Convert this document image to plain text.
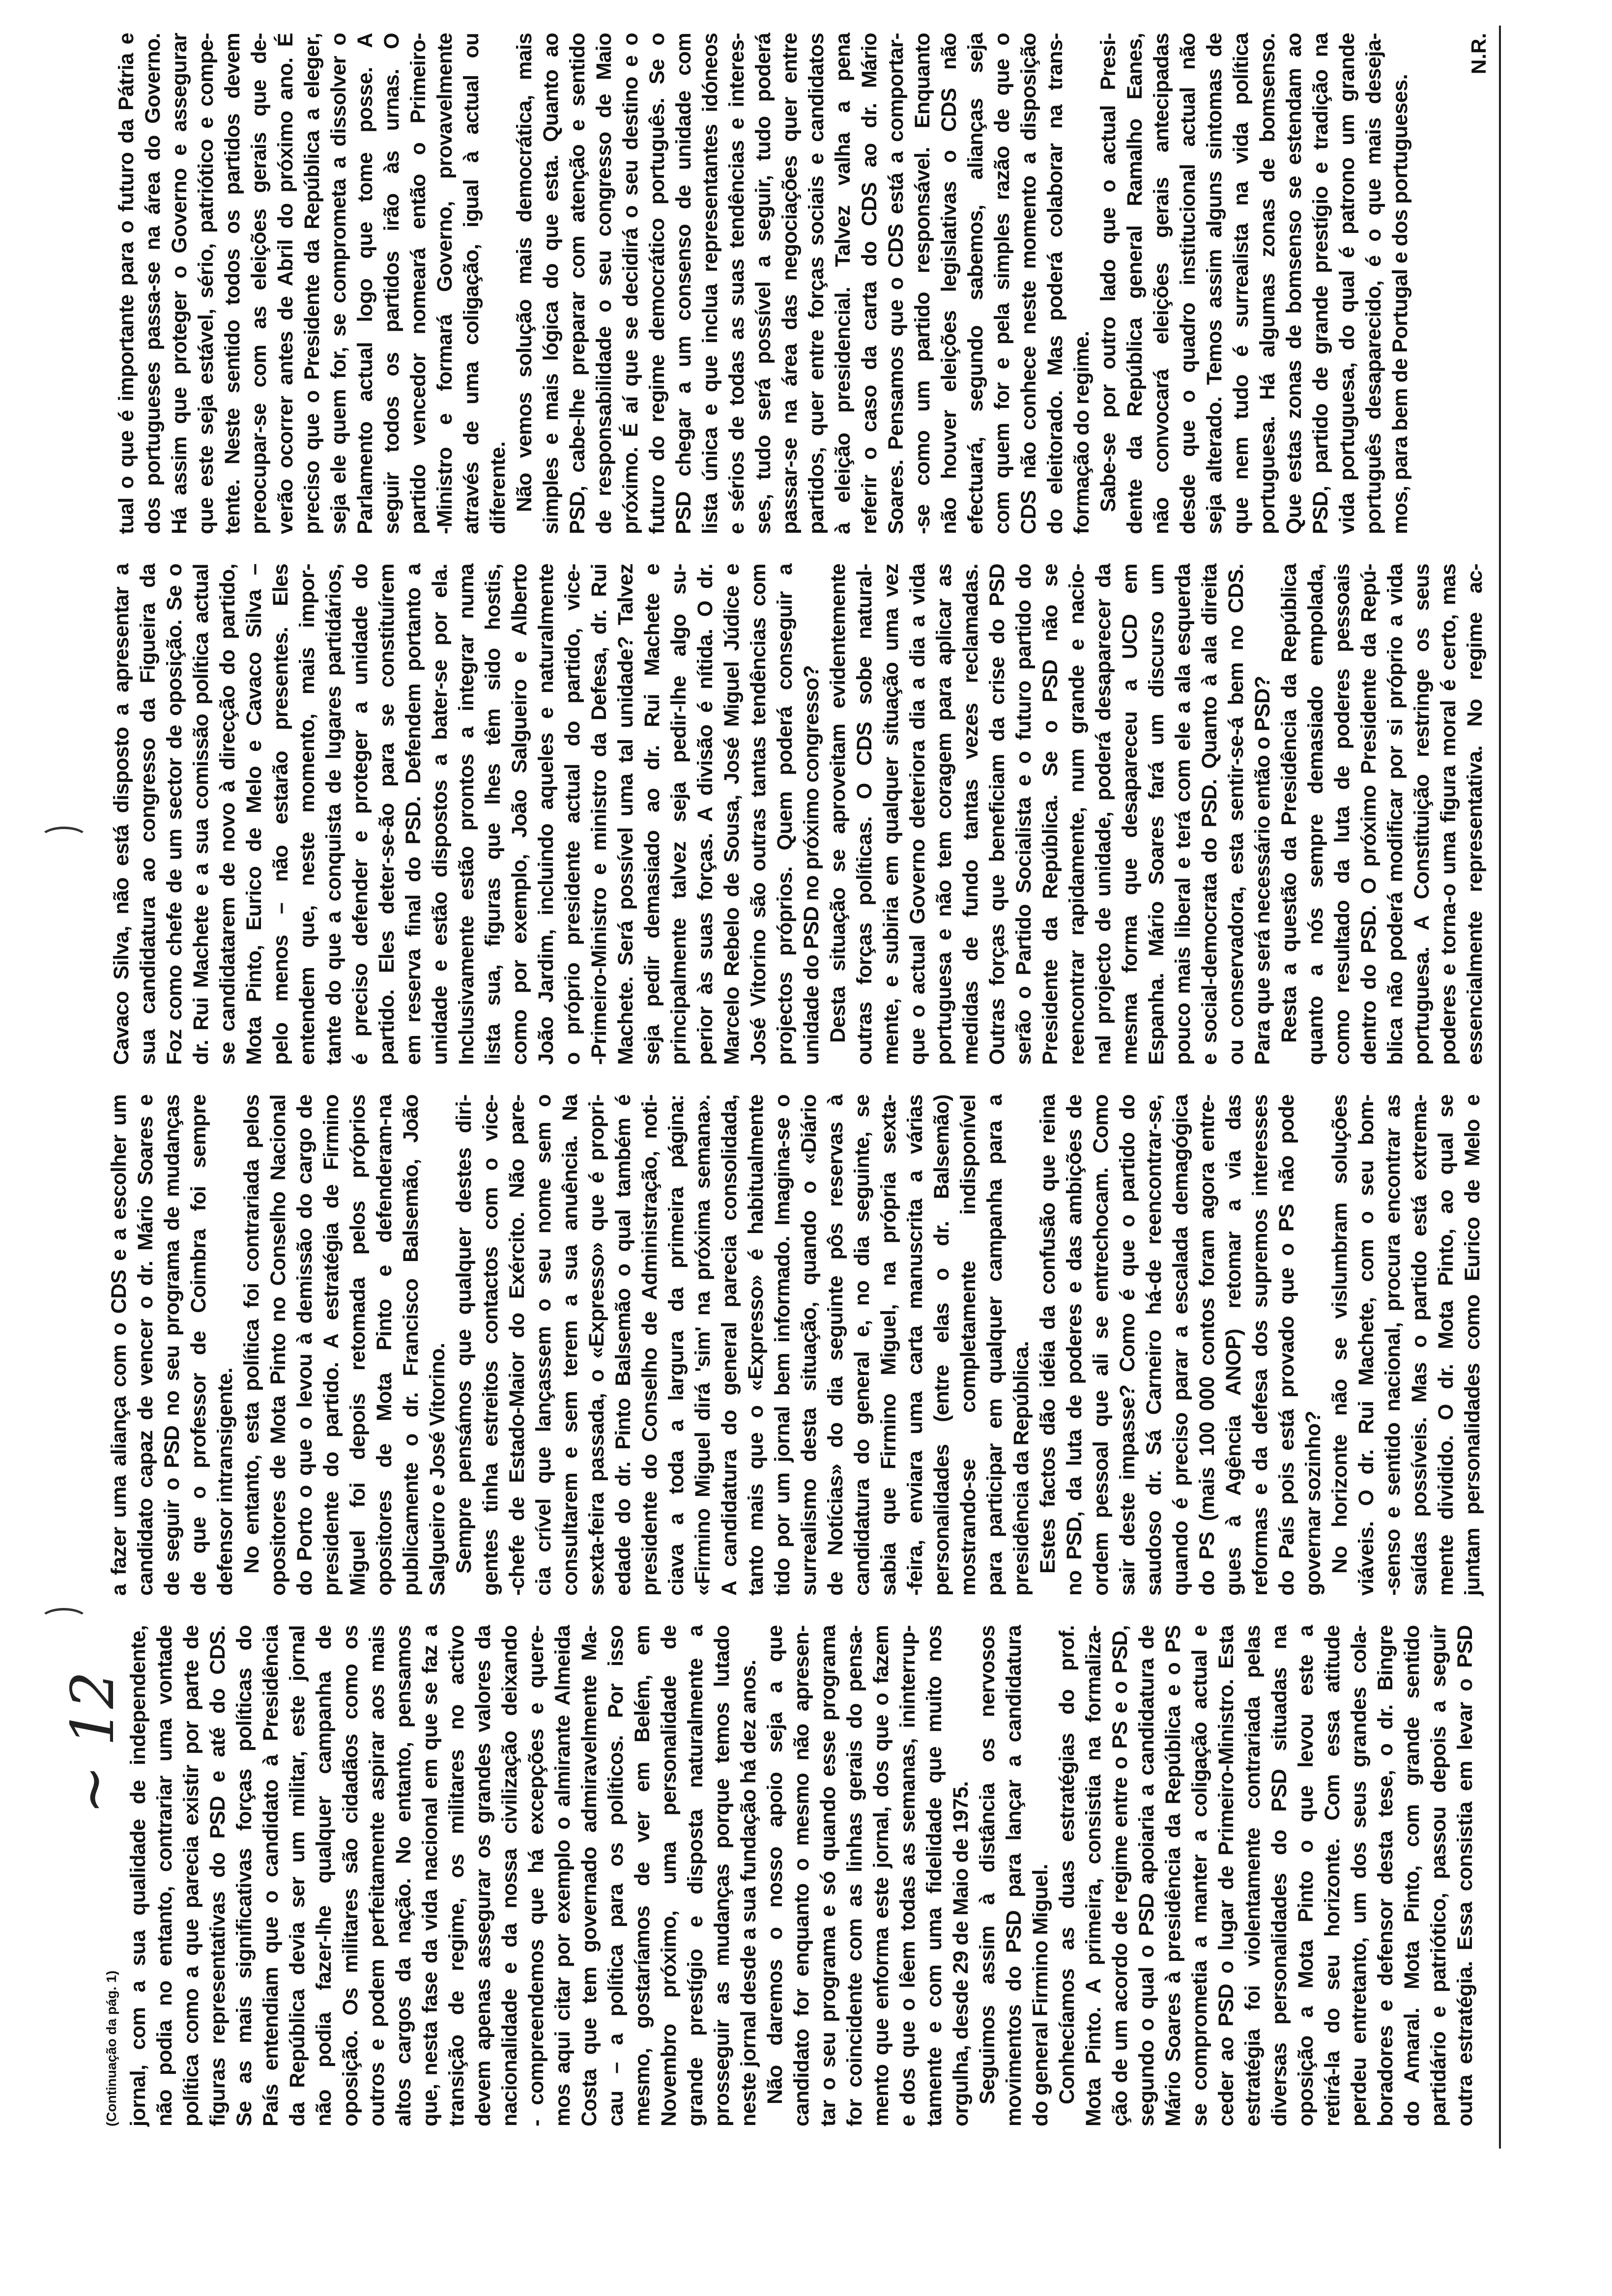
~ 12
(Continuação da pág. 1) jornal, com a sua qualidade de independente, não podia no entanto, contrariar uma vontade política como a que parecia existir por parte de figuras representativas do PSD e até do CDS. Se as mais significativas forças políticas do País entendiam que o candidato à Presidência da República devia ser um militar, este jornal não podia fazer-lhe qualquer campanha de oposição. Os militares são cidadãos como os outros e podem perfeitamente aspirar aos mais altos cargos da nação. No entanto, pensamos que, nesta fase da vida nacional em que se faz a transição de regime, os militares no activo devem apenas assegurar os grandes valores da nacionalidade e da nossa civilização deixando - compreendemos que há excepções e quere- mos aqui citar por exemplo o almirante Almeida Costa que tem governado admiravelmente Ma- cau – a política para os políticos. Por isso mesmo, gostaríamos de ver em Belém, em Novembro próximo, uma personalidade de grande prestígio e disposta naturalmente a prosseguir as mudanças porque temos lutado neste jornal desde a sua fundação há dez anos. Não daremos o nosso apoio seja a que candidato for enquanto o mesmo não apresen- tar o seu programa e só quando esse programa for coincidente com as linhas gerais do pensa- mento que enforma este jornal, dos que o fazem e dos que o lêem todas as semanas, ininterrup- tamente e com uma fidelidade que muito nos orgulha, desde 29 de Maio de 1975. Seguimos assim à distância os nervosos movimentos do PSD para lançar a candidatura do general Firmino Miguel. Conhecíamos as duas estratégias do prof. Mota Pinto. A primeira, consistia na formaliza- ção de um acordo de regime entre o PS e o PSD, segundo o qual o PSD apoiaria a candidatura de Mário Soares à presidência da República e o PS se comprometia a manter a coligação actual e ceder ao PSD o lugar de Primeiro-Ministro. Esta estratégia foi violentamente contrariada pelas diversas personalidades do PSD situadas na oposição a Mota Pinto o que levou este a retirá-la do seu horizonte. Com essa atitude perdeu entretanto, um dos seus grandes cola- boradores e defensor desta tese, o dr. Bingre do Amaral. Mota Pinto, com grande sentido partidário e patriótico, passou depois a seguir outra estratégia. Essa consistia em levar o PSD
a fazer uma aliança com o CDS e a escolher um candidato capaz de vencer o dr. Mário Soares e de seguir o PSD no seu programa de mudanças de que o professor de Coimbra foi sempre defensor intransigente. No entanto, esta política foi contrariada pelos opositores de Mota Pinto no Conselho Nacional do Porto o que o levou à demissão do cargo de presidente do partido. A estratégia de Firmino Miguel foi depois retomada pelos próprios opositores de Mota Pinto e defenderam-na publicamente o dr. Francisco Balsemão, João Salgueiro e José Vitorino. Sempre pensámos que qualquer destes diri- gentes tinha estreitos contactos com o vice- -chefe de Estado-Maior do Exército. Não pare- cia crível que lançassem o seu nome sem o consultarem e sem terem a sua anuência. Na sexta-feira passada, o «Expresso» que é propri- edade do dr. Pinto Balsemão o qual também é presidente do Conselho de Administração, noti- ciava a toda a largura da primeira página: «Firmino Miguel dirá 'sim' na próxima semana». A candidatura do general parecia consolidada, tanto mais que o «Expresso» é habitualmente tido por um jornal bem informado. Imagina-se o surrealismo desta situação, quando o «Diário de Notícias» do dia seguinte pôs reservas à candidatura do general e, no dia seguinte, se sabia que Firmino Miguel, na própria sexta- -feira, enviara uma carta manuscrita a várias personalidades (entre elas o dr. Balsemão) mostrando-se completamente indisponível para participar em qualquer campanha para a presidência da República. Estes factos dão idéia da confusão que reina no PSD, da luta de poderes e das ambições de ordem pessoal que ali se entrechocam. Como sair deste impasse? Como é que o partido do saudoso dr. Sá Carneiro há-de reencontrar-se, quando é preciso parar a escalada demagógica do PS (mais 100 000 contos foram agora entre- gues à Agência ANOP) retomar a via das reformas e da defesa dos supremos interesses do País pois está provado que o PS não pode governar sozinho? No horizonte não se vislumbram soluções viáveis. O dr. Rui Machete, com o seu bom- -senso e sentido nacional, procura encontrar as saídas possíveis. Mas o partido está extrema- mente dividido. O dr. Mota Pinto, ao qual se juntam personalidades como Eurico de Melo e
Cavaco Silva, não está disposto a apresentar a sua candidatura ao congresso da Figueira da Foz como chefe de um sector de oposição. Se o dr. Rui Machete e a sua comissão política actual se candidatarem de novo à direcção do partido, Mota Pinto, Eurico de Melo e Cavaco Silva – pelo menos – não estarão presentes. Eles entendem que, neste momento, mais impor- tante do que a conquista de lugares partidários, é preciso defender e proteger a unidade do partido. Eles deter-se-ão para se constituírem em reserva final do PSD. Defendem portanto a unidade e estão dispostos a bater-se por ela. Inclusivamente estão prontos a integrar numa lista sua, figuras que lhes têm sido hostis, como por exemplo, João Salgueiro e Alberto João Jardim, incluindo aqueles e naturalmente o próprio presidente actual do partido, vice- -Primeiro-Ministro e ministro da Defesa, dr. Rui Machete. Será possível uma tal unidade? Talvez seja pedir demasiado ao dr. Rui Machete e principalmente talvez seja pedir-lhe algo su- perior às suas forças. A divisão é nítida. O dr. Marcelo Rebelo de Sousa, José Miguel Júdice e José Vitorino são outras tantas tendências com projectos próprios. Quem poderá conseguir a unidade do PSD no próximo congresso? Desta situação se aproveitam evidentemente outras forças políticas. O CDS sobe natural- mente, e subiria em qualquer situação uma vez que o actual Governo deteriora dia a dia a vida portuguesa e não tem coragem para aplicar as medidas de fundo tantas vezes reclamadas. Outras forças que beneficiam da crise do PSD serão o Partido Socialista e o futuro partido do Presidente da República. Se o PSD não se reencontrar rapidamente, num grande e nacio- nal projecto de unidade, poderá desaparecer da mesma forma que desapareceu a UCD em Espanha. Mário Soares fará um discurso um pouco mais liberal e terá com ele a ala esquerda e social-democrata do PSD. Quanto à ala direita ou conservadora, esta sentir-se-á bem no CDS. Para que será necessário então o PSD? Resta a questão da Presidência da República quanto a nós sempre demasiado empolada, como resultado da luta de poderes pessoais dentro do PSD. O próximo Presidente da Repú- blica não poderá modificar por si próprio a vida portuguesa. A Constituição restringe os seus poderes e torna-o uma figura moral é certo, mas essencialmente representativa. No regime ac-
tual o que é importante para o futuro da Pátria e dos portugueses passa-se na área do Governo. Há assim que proteger o Governo e assegurar que este seja estável, sério, patriótico e compe- tente. Neste sentido todos os partidos devem preocupar-se com as eleições gerais que de- verão ocorrer antes de Abril do próximo ano. É preciso que o Presidente da República a eleger, seja ele quem for, se comprometa a dissolver o Parlamento actual logo que tome posse. A seguir todos os partidos irão às urnas. O partido vencedor nomeará então o Primeiro- -Ministro e formará Governo, provavelmente através de uma coligação, igual à actual ou diferente. Não vemos solução mais democrática, mais simples e mais lógica do que esta. Quanto ao PSD, cabe-lhe preparar com atenção e sentido de responsabilidade o seu congresso de Maio próximo. É aí que se decidirá o seu destino e o futuro do regime democrático português. Se o PSD chegar a um consenso de unidade com lista única e que inclua representantes idóneos e sérios de todas as suas tendências e interes- ses, tudo será possível a seguir, tudo poderá passar-se na área das negociações quer entre partidos, quer entre forças sociais e candidatos à eleição presidencial. Talvez valha a pena referir o caso da carta do CDS ao dr. Mário Soares. Pensamos que o CDS está a comportar- -se como um partido responsável. Enquanto não houver eleições legislativas o CDS não efectuará, segundo sabemos, alianças seja com quem for e pela simples razão de que o CDS não conhece neste momento a disposição do eleitorado. Mas poderá colaborar na trans- formação do regime. Sabe-se por outro lado que o actual Presi- dente da República general Ramalho Eanes, não convocará eleições gerais antecipadas desde que o quadro institucional actual não seja alterado. Temos assim alguns sintomas de que nem tudo é surrealista na vida política portuguesa. Há algumas zonas de bomsenso. Que estas zonas de bomsenso se estendam ao PSD, partido de grande prestígio e tradição na vida portuguesa, do qual é patrono um grande português desaparecido, é o que mais deseja- mos, para bem de Portugal e dos portugueses.
N.R.
